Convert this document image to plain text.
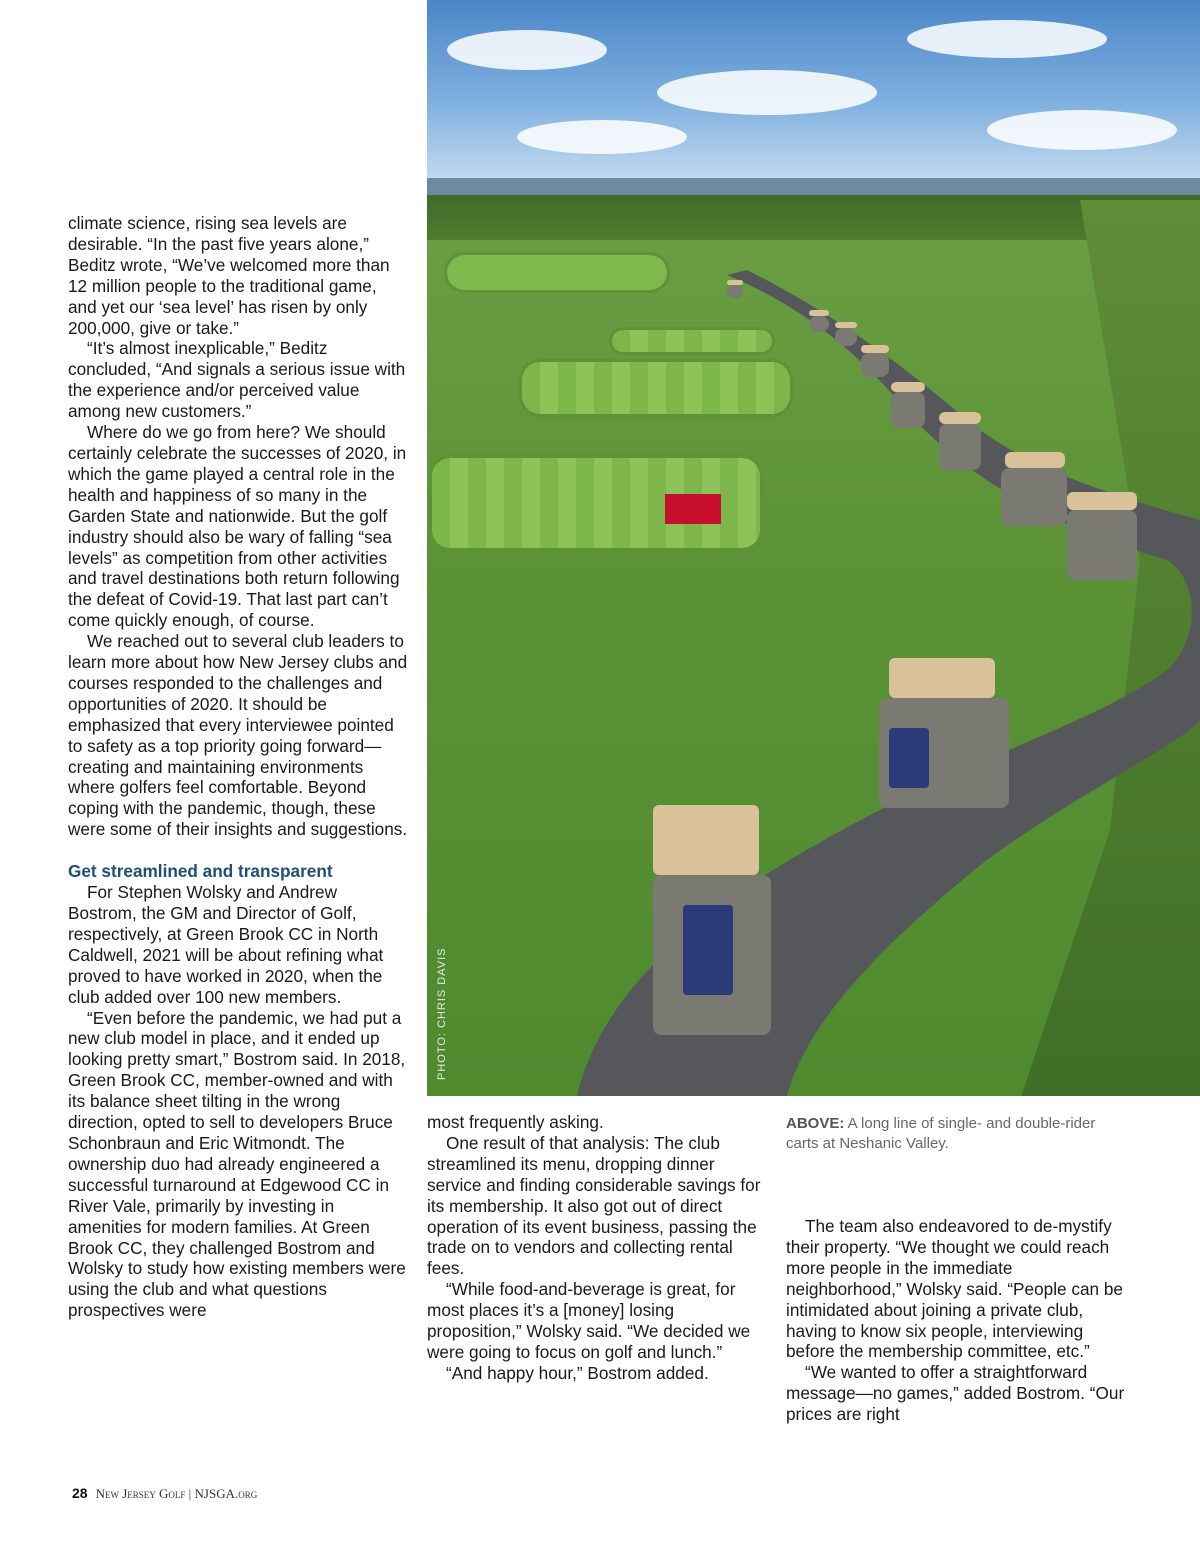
PHOTO: CHRIS DAVIS

climate science, rising sea levels are desirable. “In the past five years alone,” Beditz wrote, “We’ve welcomed more than 12 million people to the traditional game, and yet our ‘sea level’ has risen by only 200,000, give or take.”

“It’s almost inexplicable,” Beditz concluded, “And signals a serious issue with the experience and/or perceived value among new customers.”

Where do we go from here? We should certainly celebrate the successes of 2020, in which the game played a central role in the health and happiness of so many in the Garden State and nationwide. But the golf industry should also be wary of falling “sea levels” as competition from other activities and travel destinations both return following the defeat of Covid-19. That last part can’t come quickly enough, of course.

We reached out to several club leaders to learn more about how New Jersey clubs and courses responded to the challenges and opportunities of 2020. It should be emphasized that every interviewee pointed to safety as a top priority going forward—creating and maintaining environments where golfers feel comfortable. Beyond coping with the pandemic, though, these were some of their insights and suggestions.

Get streamlined and transparent

For Stephen Wolsky and Andrew Bostrom, the GM and Director of Golf, respectively, at Green Brook CC in North Caldwell, 2021 will be about refining what proved to have worked in 2020, when the club added over 100 new members.

“Even before the pandemic, we had put a new club model in place, and it ended up looking pretty smart,” Bostrom said. In 2018, Green Brook CC, member-owned and with its balance sheet tilting in the wrong direction, opted to sell to developers Bruce Schonbraun and Eric Witmondt. The ownership duo had already engineered a successful turnaround at Edgewood CC in River Vale, primarily by investing in amenities for modern families. At Green Brook CC, they challenged Bostrom and Wolsky to study how existing members were using the club and what questions prospectives were

most frequently asking.

One result of that analysis: The club streamlined its menu, dropping dinner service and finding considerable savings for its membership. It also got out of direct operation of its event business, passing the trade on to vendors and collecting rental fees.

“While food-and-beverage is great, for most places it’s a [money] losing proposition,” Wolsky said. “We decided we were going to focus on golf and lunch.”

“And happy hour,” Bostrom added.

ABOVE: A long line of single- and double-rider carts at Neshanic Valley.

The team also endeavored to de-mystify their property. “We thought we could reach more people in the immediate neighborhood,” Wolsky said. “People can be intimidated about joining a private club, having to know six people, interviewing before the membership committee, etc.”

“We wanted to offer a straightforward message—no games,” added Bostrom. “Our prices are right

28 New Jersey Golf | NJSGA.org
